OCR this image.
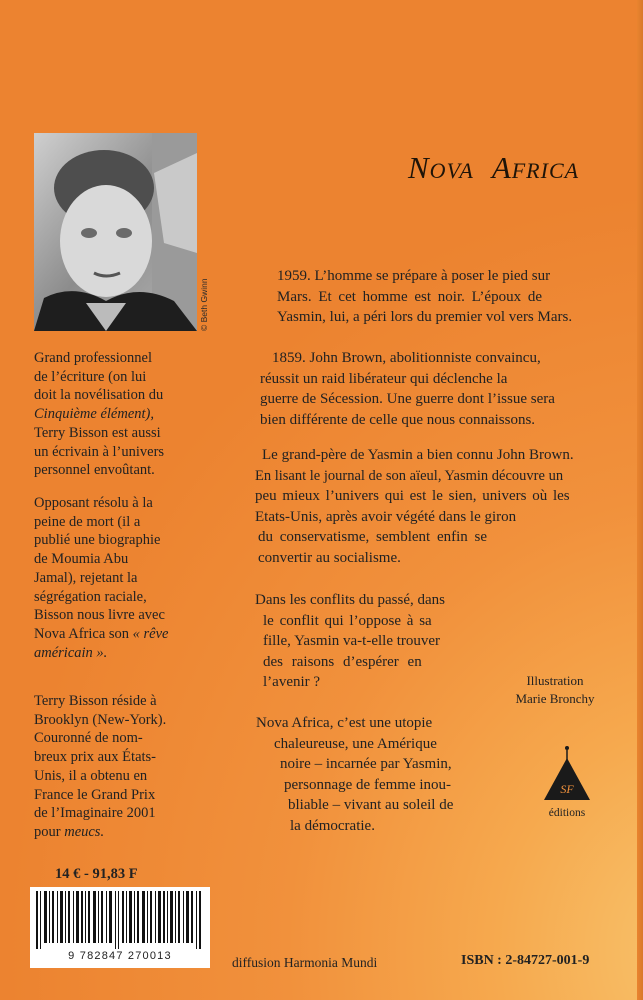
© Beth Gwinn
Nova Africa
Grand professionnel
de l’écriture (on lui
doit la novélisation du
Cinquième élément),
Terry Bisson est aussi
un écrivain à l’univers
personnel envoûtant.
Opposant résolu à la
peine de mort (il a
publié une biographie
de Moumia Abu
Jamal), rejetant la
ségrégation raciale,
Bisson nous livre avec
Nova Africa son « rêve
américain ».
Terry Bisson réside à
Brooklyn (New-York).
Couronné de nom-
breux prix aux États-
Unis, il a obtenu en
France le Grand Prix
de l’Imaginaire 2001
pour meucs.
1959. L’homme se prépare à poser le pied sur
Mars. Et cet homme est noir. L’époux de
Yasmin, lui, a péri lors du premier vol vers Mars.
1859. John Brown, abolitionniste convaincu,
réussit un raid libérateur qui déclenche la
guerre de Sécession. Une guerre dont l’issue sera
bien différente de celle que nous connaissons.
Le grand-père de Yasmin a bien connu John Brown.
En lisant le journal de son aïeul, Yasmin découvre un
peu mieux l’univers qui est le sien, univers où les
Etats-Unis, après avoir végété dans le giron
du conservatisme, semblent enfin se
convertir au socialisme.
Dans les conflits du passé, dans
le conflit qui l’oppose à sa
fille, Yasmin va-t-elle trouver
des raisons d’espérer en
l’avenir ?
Nova Africa, c’est une utopie
chaleureuse, une Amérique
noire – incarnée par Yasmin,
personnage de femme inou-
bliable – vivant au soleil de
la démocratie.
Illustration
Marie Bronchy
SF
éditions
14 € - 91,83 F
9 782847 270013	diffusion Harmonia Mundi	ISBN : 2-84727-001-9
